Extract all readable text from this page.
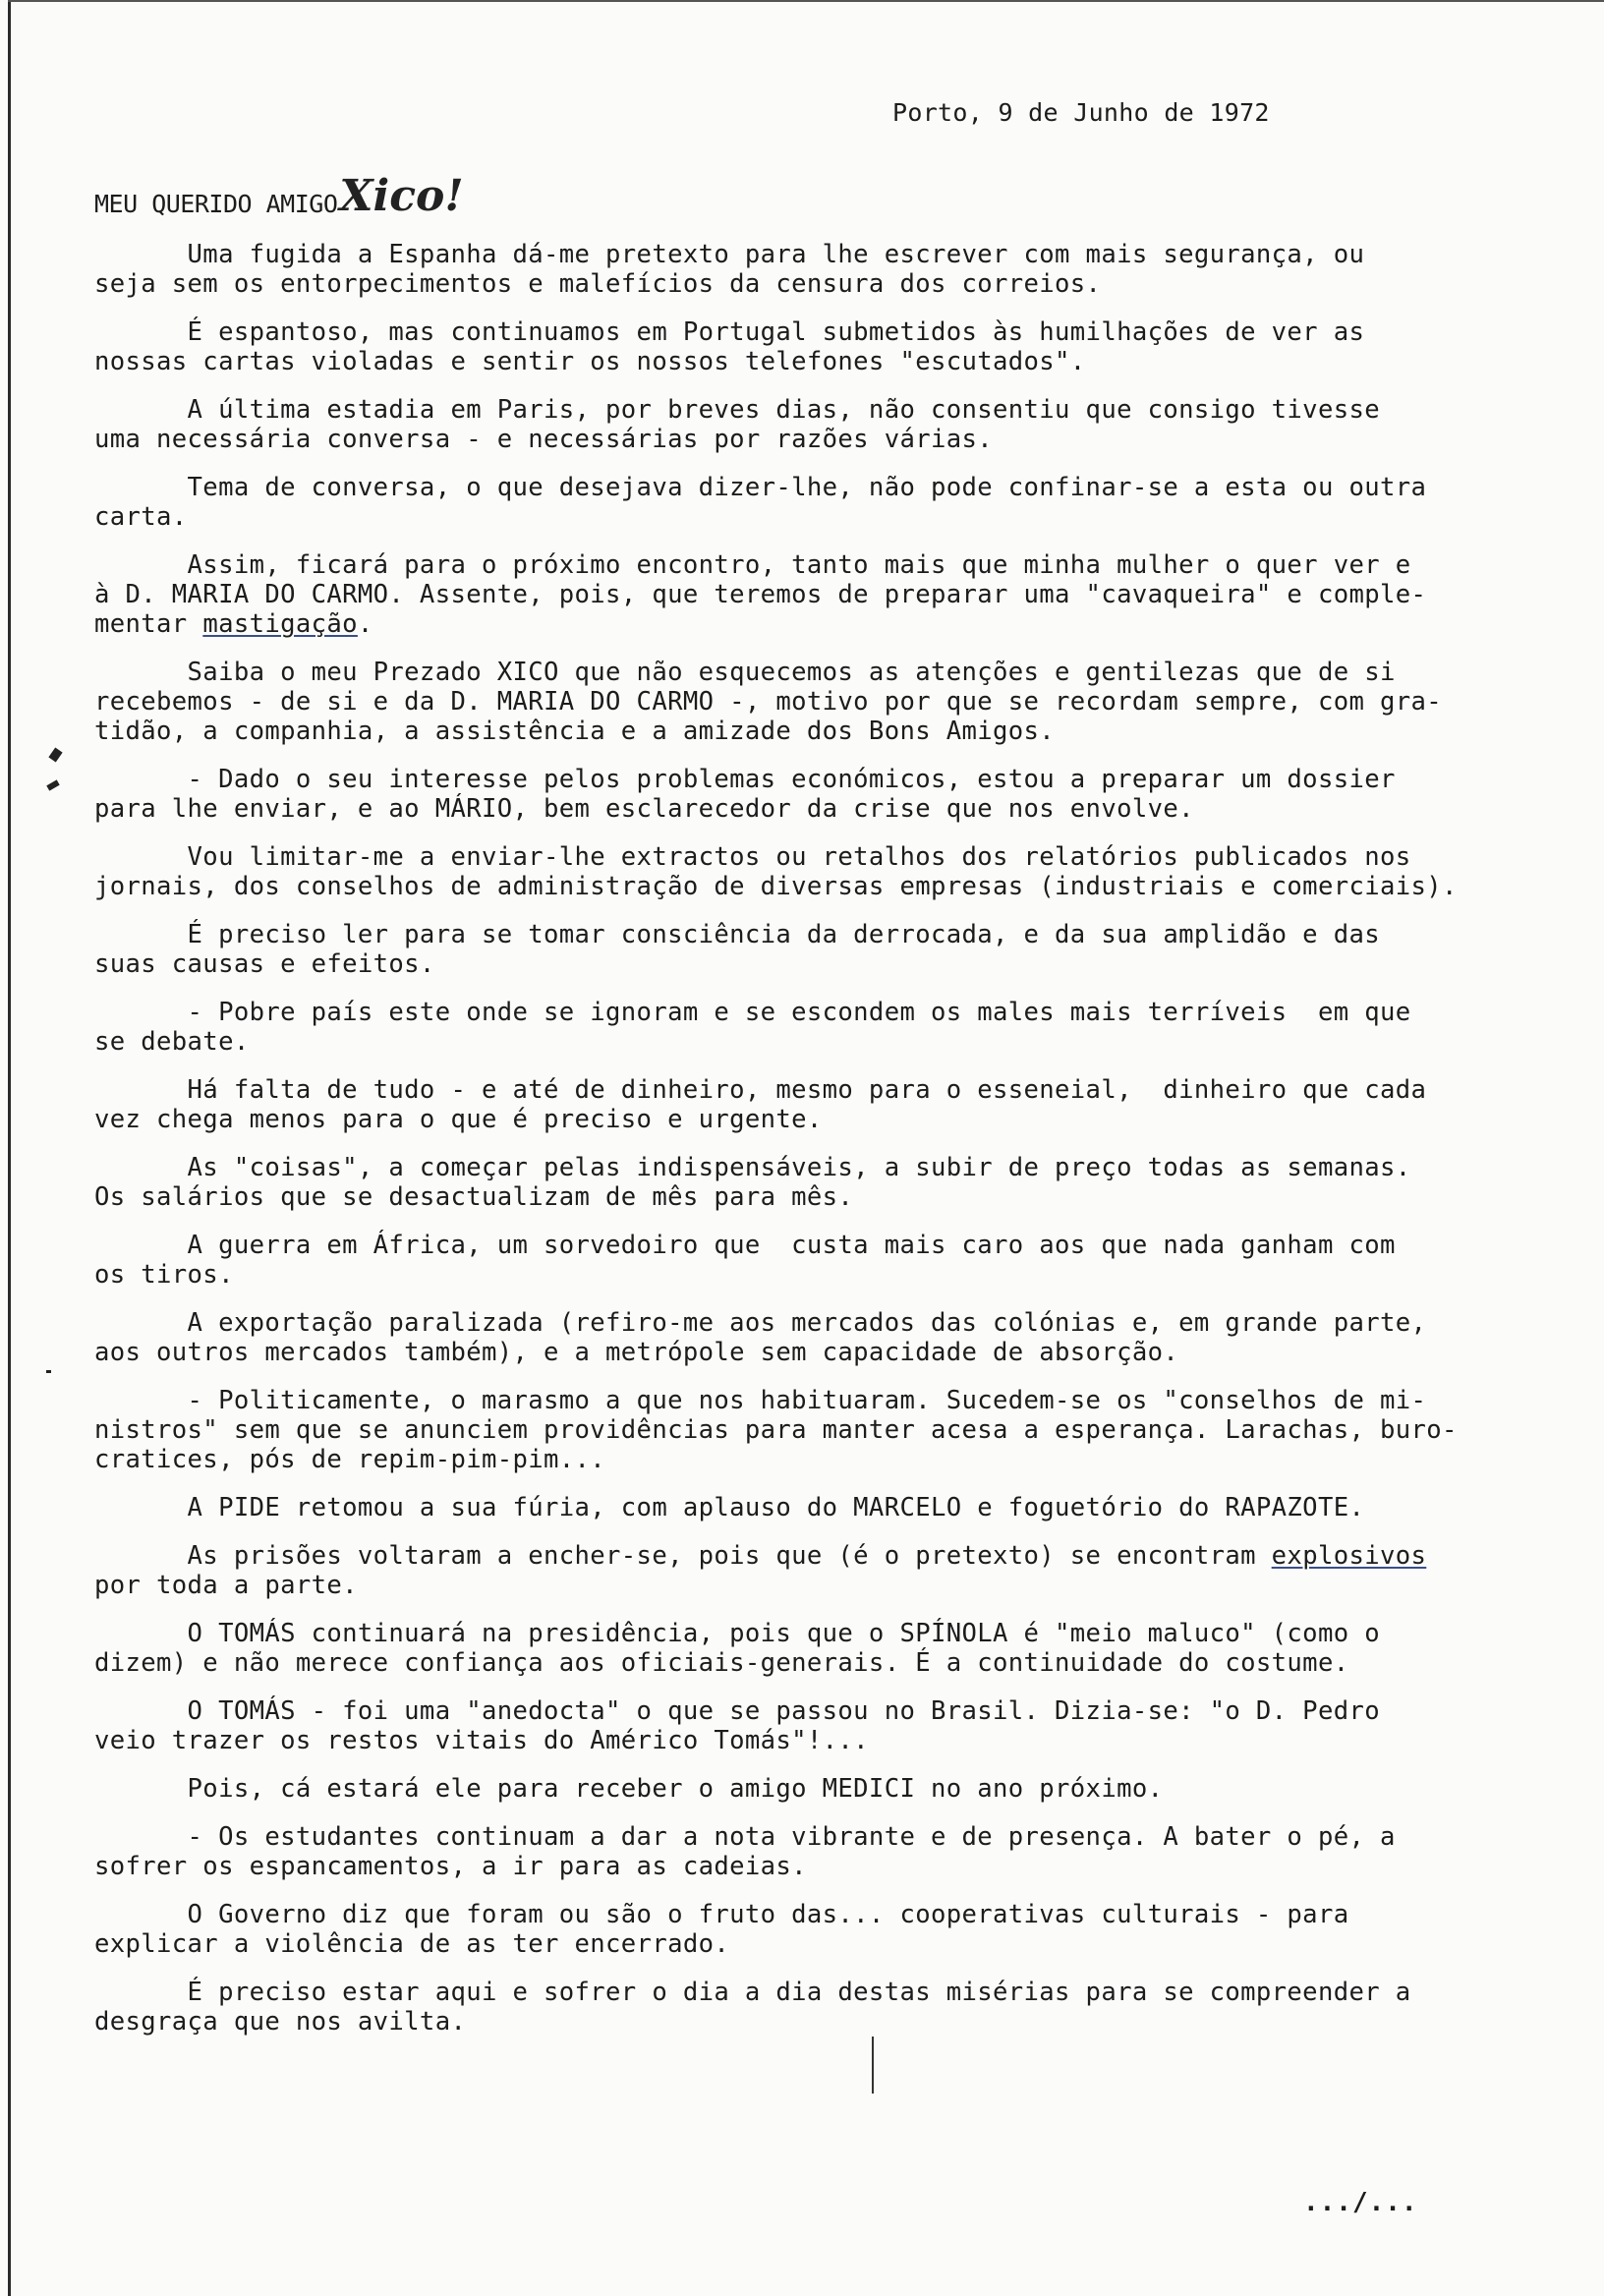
Porto, 9 de Junho de 1972
MEU QUERIDO AMIGO Xico!
Uma fugida a Espanha dá-me pretexto para lhe escrever com mais segurança, ou
seja sem os entorpecimentos e malefícios da censura dos correios.
É espantoso, mas continuamos em Portugal submetidos às humilhações de ver as
nossas cartas violadas e sentir os nossos telefones "escutados".
A última estadia em Paris, por breves dias, não consentiu que consigo tivesse
uma necessária conversa - e necessárias por razões várias.
Tema de conversa, o que desejava dizer-lhe, não pode confinar-se a esta ou outra
carta.
Assim, ficará para o próximo encontro, tanto mais que minha mulher o quer ver e
à D. MARIA DO CARMO. Assente, pois, que teremos de preparar uma "cavaqueira" e comple-
mentar mastigação.
Saiba o meu Prezado XICO que não esquecemos as atenções e gentilezas que de si
recebemos - de si e da D. MARIA DO CARMO -, motivo por que se recordam sempre, com gra-
tidão, a companhia, a assistência e a amizade dos Bons Amigos.
- Dado o seu interesse pelos problemas económicos, estou a preparar um dossier
para lhe enviar, e ao MÁRIO, bem esclarecedor da crise que nos envolve.
Vou limitar-me a enviar-lhe extractos ou retalhos dos relatórios publicados nos
jornais, dos conselhos de administração de diversas empresas (industriais e comerciais).
É preciso ler para se tomar consciência da derrocada, e da sua amplidão e das
suas causas e efeitos.
- Pobre país este onde se ignoram e se escondem os males mais terríveis  em que
se debate.
Há falta de tudo - e até de dinheiro, mesmo para o esseneial,  dinheiro que cada
vez chega menos para o que é preciso e urgente.
As "coisas", a começar pelas indispensáveis, a subir de preço todas as semanas.
Os salários que se desactualizam de mês para mês.
A guerra em África, um sorvedoiro que  custa mais caro aos que nada ganham com
os tiros.
A exportação paralizada (refiro-me aos mercados das colónias e, em grande parte,
aos outros mercados também), e a metrópole sem capacidade de absorção.
- Politicamente, o marasmo a que nos habituaram. Sucedem-se os "conselhos de mi-
nistros" sem que se anunciem providências para manter acesa a esperança. Larachas, buro-
cratices, pós de repim-pim-pim...
A PIDE retomou a sua fúria, com aplauso do MARCELO e foguetório do RAPAZOTE.
As prisões voltaram a encher-se, pois que (é o pretexto) se encontram explosivos
por toda a parte.
O TOMÁS continuará na presidência, pois que o SPÍNOLA é "meio maluco" (como o
dizem) e não merece confiança aos oficiais-generais. É a continuidade do costume.
O TOMÁS - foi uma "anedocta" o que se passou no Brasil. Dizia-se: "o D. Pedro
veio trazer os restos vitais do Américo Tomás"!...
Pois, cá estará ele para receber o amigo MEDICI no ano próximo.
- Os estudantes continuam a dar a nota vibrante e de presença. A bater o pé, a
sofrer os espancamentos, a ir para as cadeias.
O Governo diz que foram ou são o fruto das... cooperativas culturais - para
explicar a violência de as ter encerrado.
É preciso estar aqui e sofrer o dia a dia destas misérias para se compreender a
desgraça que nos avilta.
.../...
